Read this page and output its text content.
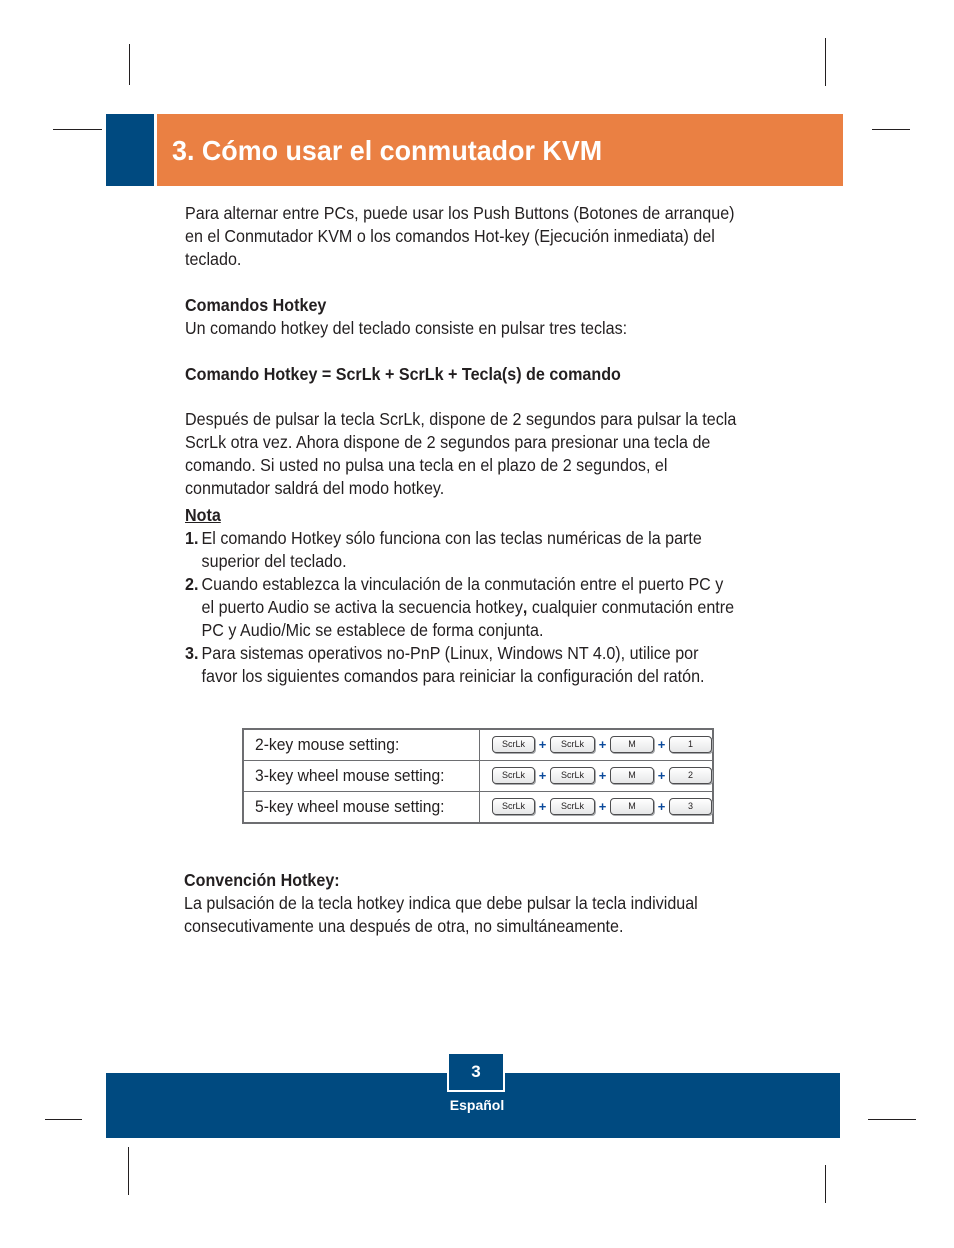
3. Cómo usar el conmutador KVM

Para alternar entre PCs, puede usar los Push Buttons (Botones de arranque) en el Conmutador KVM o los comandos Hot-key (Ejecución inmediata) del teclado.

Comandos Hotkey

Un comando hotkey del teclado consiste en pulsar tres teclas:

Comando Hotkey = ScrLk + ScrLk + Tecla(s) de comando

Después de pulsar la tecla ScrLk, dispone de 2 segundos para pulsar la tecla ScrLk otra vez. Ahora dispone de 2 segundos para presionar una tecla de comando. Si usted no pulsa una tecla en el plazo de 2 segundos, el conmutador saldrá del modo hotkey.

Nota

1. El comando Hotkey sólo funciona con las teclas numéricas de la parte superior del teclado.
2. Cuando establezca la vinculación de la conmutación entre el puerto PC y el puerto Audio se activa la secuencia hotkey, cualquier conmutación entre PC y Audio/Mic se establece de forma conjunta.
3. Para sistemas operativos no-PnP (Linux, Windows NT 4.0), utilice por favor los siguientes comandos para reiniciar la configuración del ratón.
2-key mouse setting:	ScrLk + ScrLk + M + 1
3-key wheel mouse setting:	ScrLk + ScrLk + M + 2
5-key wheel mouse setting:	ScrLk + ScrLk + M + 3

Convención Hotkey:

La pulsación de la tecla hotkey indica que debe pulsar la tecla individual consecutivamente una después de otra, no simultáneamente.

3
Español
